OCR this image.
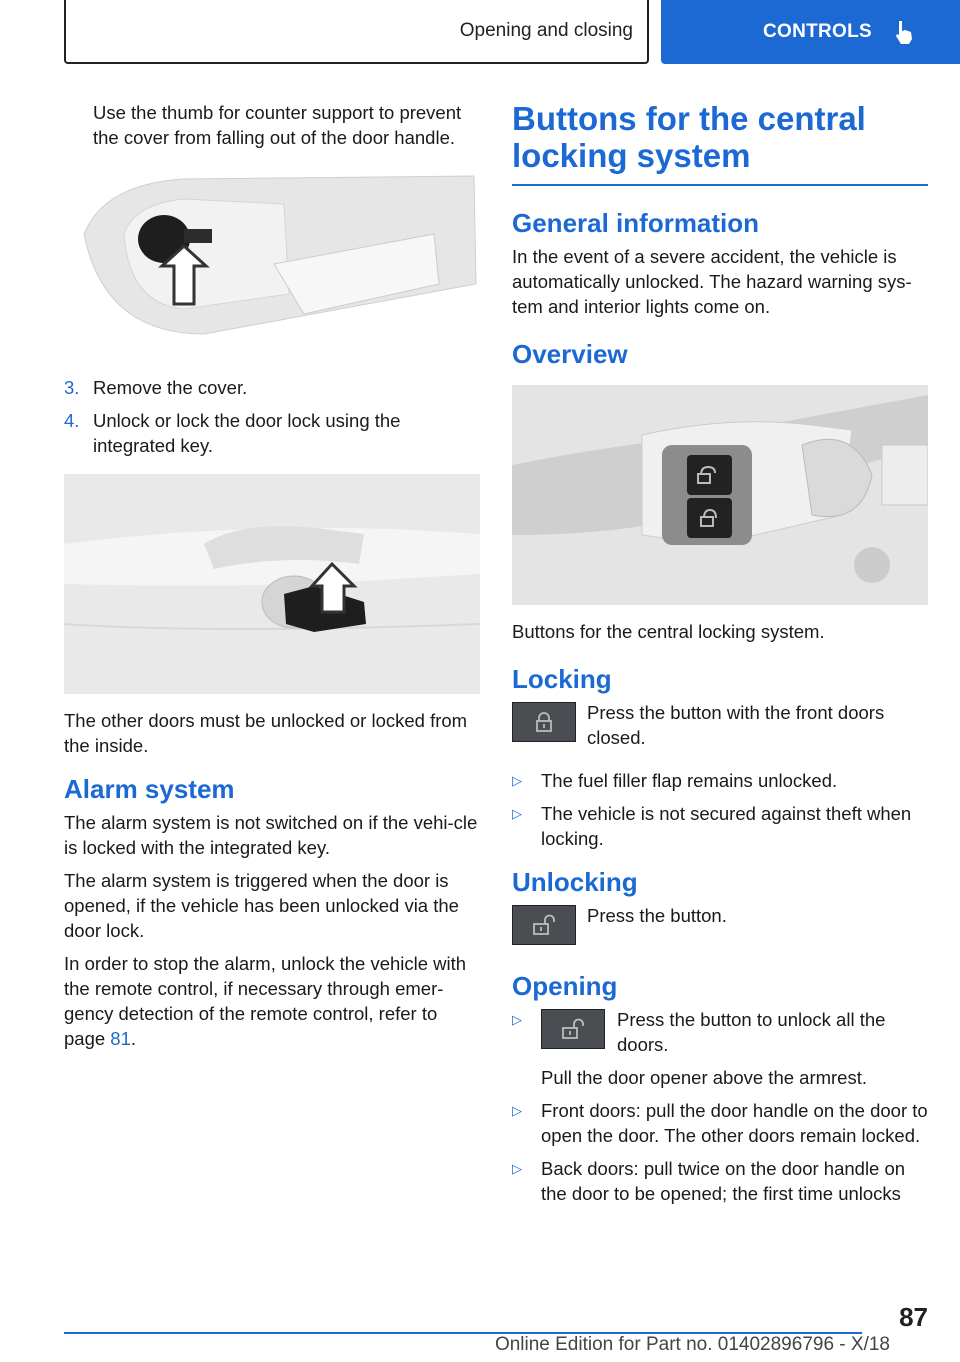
Opening and closing	CONTROLS

Use the thumb for counter support to prevent the cover from falling out of the door handle.

3. Remove the cover.
4. Unlock or lock the door lock using the integrated key.

The other doors must be unlocked or locked from the inside.

Alarm system

The alarm system is not switched on if the vehi-cle is locked with the integrated key.

The alarm system is triggered when the door is opened, if the vehicle has been unlocked via the door lock.

In order to stop the alarm, unlock the vehicle with the remote control, if necessary through emer-gency detection of the remote control, refer to page 81.

Buttons for the central locking system
General information

In the event of a severe accident, the vehicle is automatically unlocked. The hazard warning sys-tem and interior lights come on.

Overview

Buttons for the central locking system.

Locking

Press the button with the front doors closed.

▷	The fuel filler flap remains unlocked.
▷	The vehicle is not secured against theft when locking.
Unlocking

Press the button.

Opening
▷	Press the button to unlock all the doors.
Pull the door opener above the armrest.
▷	Front doors: pull the door handle on the door to open the door. The other doors remain locked.
▷	Back doors: pull twice on the door handle on the door to be opened; the first time unlocks
87
Online Edition for Part no. 01402896796 - X/18
